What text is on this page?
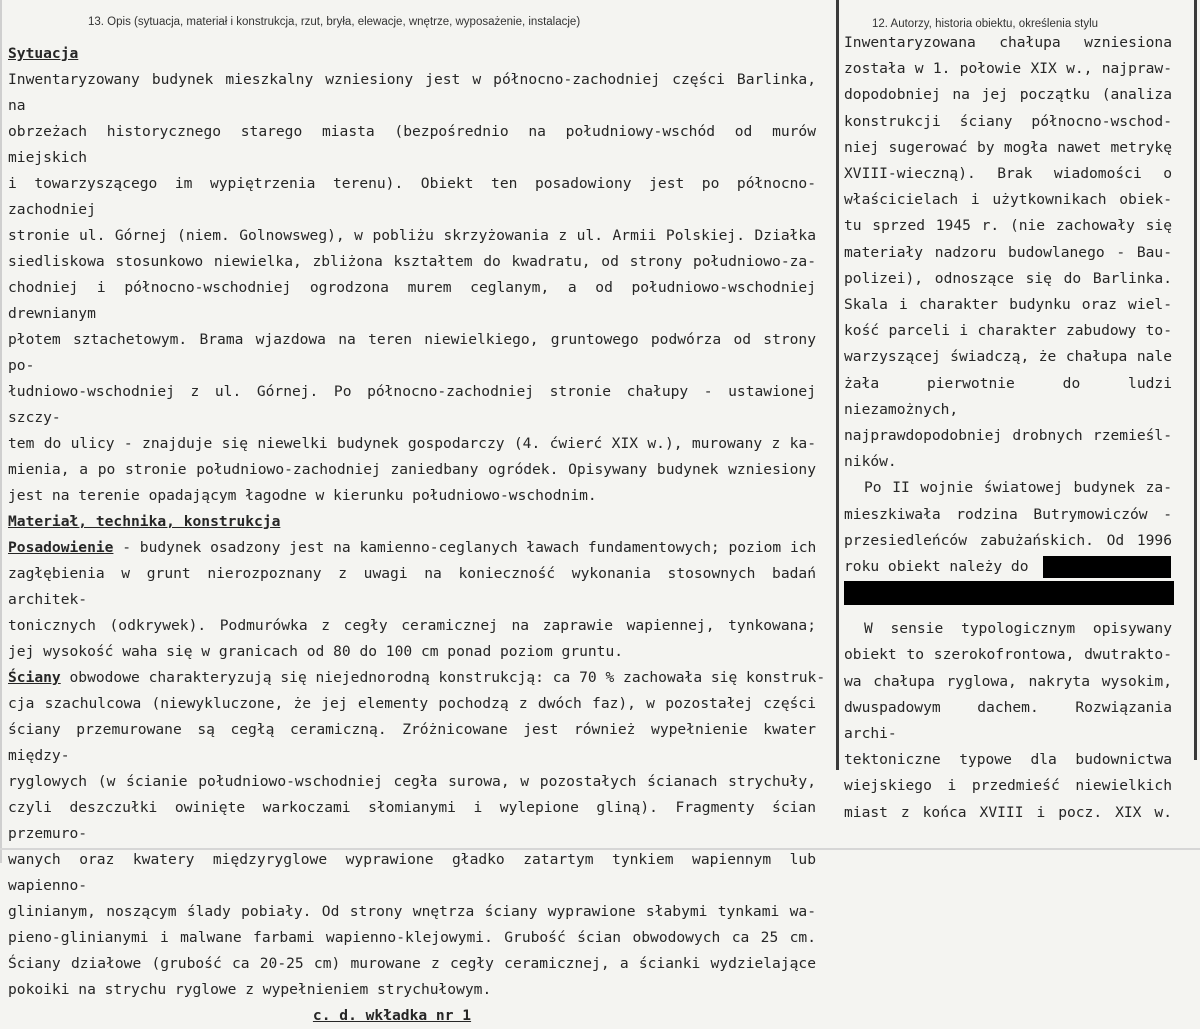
13. Opis (sytuacja, materiał i konstrukcja, rzut, bryła, elewacje, wnętrze, wyposażenie, instalacje)
Sytuacja
Inwentaryzowany budynek mieszkalny wzniesiony jest w północno-zachodniej części Barlinka, na
obrzeżach historycznego starego miasta (bezpośrednio na południowy-wschód od murów miejskich
i towarzyszącego im wypiętrzenia terenu). Obiekt ten posadowiony jest po północno-zachodniej
stronie ul. Górnej (niem. Golnowsweg), w pobliżu skrzyżowania z ul. Armii Polskiej. Działka
siedliskowa stosunkowo niewielka, zbliżona kształtem do kwadratu, od strony południowo-za-
chodniej i północno-wschodniej ogrodzona murem ceglanym, a od południowo-wschodniej drewnianym
płotem sztachetowym. Brama wjazdowa na teren niewielkiego, gruntowego podwórza od strony po-
łudniowo-wschodniej z ul. Górnej. Po północno-zachodniej stronie chałupy - ustawionej szczy-
tem do ulicy - znajduje się niewelki budynek gospodarczy (4. ćwierć XIX w.), murowany z ka-
mienia, a po stronie południowo-zachodniej zaniedbany ogródek. Opisywany budynek wzniesiony
jest na terenie opadającym łagodne w kierunku południowo-wschodnim.
Materiał, technika, konstrukcja
Posadowienie - budynek osadzony jest na kamienno-ceglanych ławach fundamentowych; poziom ich
zagłębienia w grunt nierozpoznany z uwagi na konieczność wykonania stosownych badań architek-
tonicznych (odkrywek). Podmurówka z cegły ceramicznej na zaprawie wapiennej, tynkowana;
jej wysokość waha się w granicach od 80 do 100 cm ponad poziom gruntu.
Ściany obwodowe charakteryzują się niejednorodną konstrukcją: ca 70 % zachowała się konstruk-
cja szachulcowa (niewykluczone, że jej elementy pochodzą z dwóch faz), w pozostałej części
ściany przemurowane są cegłą ceramiczną. Zróżnicowane jest również wypełnienie kwater między-
ryglowych (w ścianie południowo-wschodniej cegła surowa, w pozostałych ścianach strychuły,
czyli deszczułki owinięte warkoczami słomianymi i wylepione gliną). Fragmenty ścian przemuro-
wanych oraz kwatery międzyryglowe wyprawione gładko zatartym tynkiem wapiennym lub wapienno-
glinianym, noszącym ślady pobiały. Od strony wnętrza ściany wyprawione słabymi tynkami wa-
pieno-glinianymi i malwane farbami wapienno-klejowymi. Grubość ścian obwodowych ca 25 cm.
Ściany działowe (grubość ca 20-25 cm) murowane z cegły ceramicznej, a ścianki wydzielające
pokoiki na strychu ryglowe z wypełnieniem strychułowym.
c. d. wkładka nr 1
12. Autorzy, historia obiektu, określenia stylu
Inwentaryzowana chałupa wzniesiona
została w 1. połowie XIX w., najpraw-
dopodobniej na jej początku (analiza
konstrukcji ściany północno-wschod-
niej sugerować by mogła nawet metrykę
XVIII-wieczną). Brak wiadomości o
właścicielach i użytkownikach obiek-
tu sprzed 1945 r. (nie zachowały się
materiały nadzoru budowlanego - Bau-
polizei), odnoszące się do Barlinka.
Skala i charakter budynku oraz wiel-
kość parceli i charakter zabudowy to-
warzyszącej świadczą, że chałupa nale
żała pierwotnie do ludzi niezamożnych,
najprawdopodobniej drobnych rzemieśl-
ników.
Po II wojnie światowej budynek za-
mieszkiwała rodzina Butrymowiczów -
przesiedleńców zabużańskich. Od 1996
roku obiekt należy do
W sensie typologicznym opisywany
obiekt to szerokofrontowa, dwutrakto-
wa chałupa ryglowa, nakryta wysokim,
dwuspadowym dachem. Rozwiązania archi-
tektoniczne typowe dla budownictwa
wiejskiego i przedmieść niewielkich
miast z końca XVIII i pocz. XIX w.
